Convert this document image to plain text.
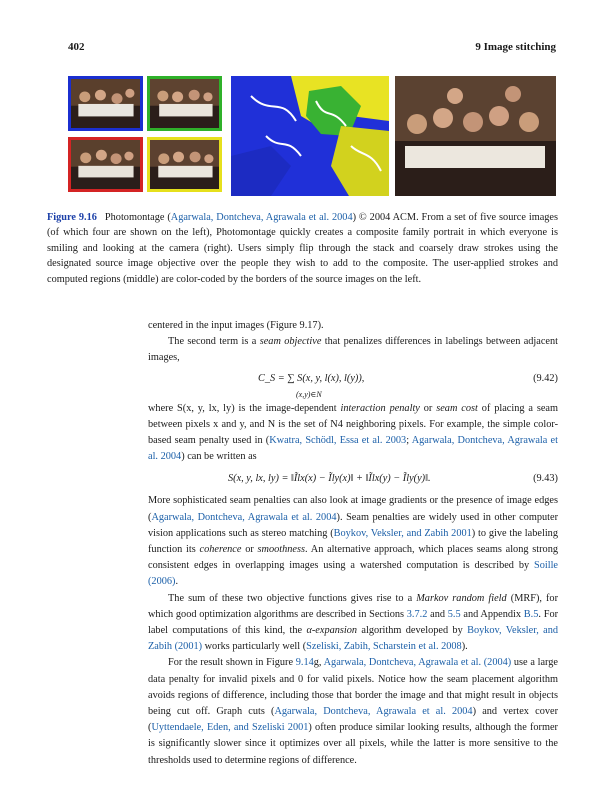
402	9 Image stitching
Figure 9.16 Photomontage (Agarwala, Dontcheva, Agrawala et al. 2004) © 2004 ACM. From a set of five source images (of which four are shown on the left), Photomontage quickly creates a composite family portrait in which everyone is smiling and looking at the camera (right). Users simply flip through the stack and coarsely draw strokes using the designated source image objective over the people they wish to add to the composite. The user-applied strokes and computed regions (middle) are color-coded by the borders of the source images on the left.

centered in the input images (Figure 9.17).

The second term is a seam objective that penalizes differences in labelings between adjacent images,

C_S = ∑ S(x, y, l(x), l(y)),
(x,y)∈N
(9.42)

where S(x, y, lx, ly) is the image-dependent interaction penalty or seam cost of placing a seam between pixels x and y, and N is the set of N4 neighboring pixels. For example, the simple color-based seam penalty used in (Kwatra, Schödl, Essa et al. 2003; Agarwala, Dontcheva, Agrawala et al. 2004) can be written as

S(x, y, lx, ly) = ‖Ĩlx(x) − Ĩly(x)‖ + ‖Ĩlx(y) − Ĩly(y)‖.	(9.43)

More sophisticated seam penalties can also look at image gradients or the presence of image edges (Agarwala, Dontcheva, Agrawala et al. 2004). Seam penalties are widely used in other computer vision applications such as stereo matching (Boykov, Veksler, and Zabih 2001) to give the labeling function its coherence or smoothness. An alternative approach, which places seams along strong consistent edges in overlapping images using a watershed computation is described by Soille (2006).

The sum of these two objective functions gives rise to a Markov random field (MRF), for which good optimization algorithms are described in Sections 3.7.2 and 5.5 and Appendix B.5. For label computations of this kind, the α-expansion algorithm developed by Boykov, Veksler, and Zabih (2001) works particularly well (Szeliski, Zabih, Scharstein et al. 2008).

For the result shown in Figure 9.14g, Agarwala, Dontcheva, Agrawala et al. (2004) use a large data penalty for invalid pixels and 0 for valid pixels. Notice how the seam placement algorithm avoids regions of difference, including those that border the image and that might result in objects being cut off. Graph cuts (Agarwala, Dontcheva, Agrawala et al. 2004) and vertex cover (Uyttendaele, Eden, and Szeliski 2001) often produce similar looking results, although the former is significantly slower since it optimizes over all pixels, while the latter is more sensitive to the thresholds used to determine regions of difference.
